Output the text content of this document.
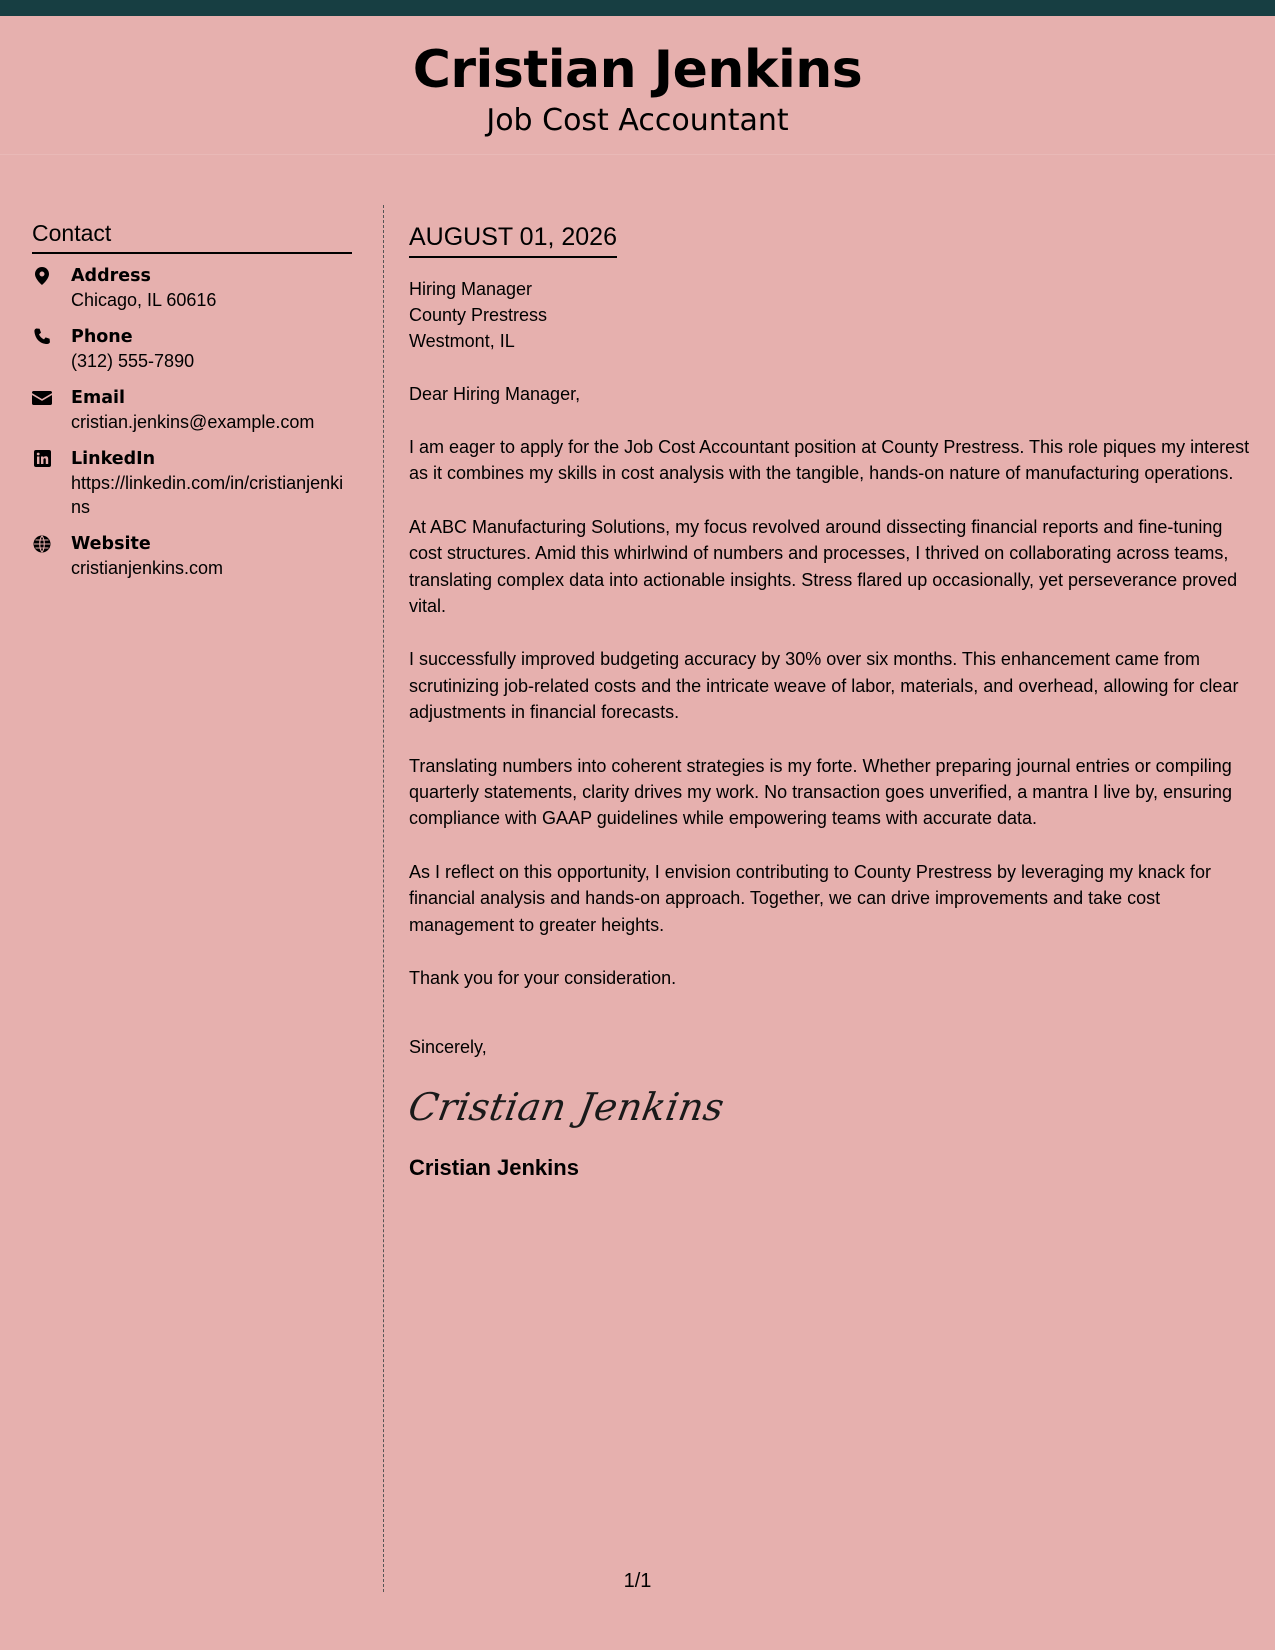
Cristian Jenkins
Job Cost Accountant
Contact
Address
Chicago, IL 60616
Phone
(312) 555-7890
Email
cristian.jenkins@example.com
LinkedIn
https://linkedin.com/in/cristianjenkins
Website
cristianjenkins.com
AUGUST 01, 2026
Hiring Manager
County Prestress
Westmont, IL
Dear Hiring Manager,

I am eager to apply for the Job Cost Accountant position at County Prestress. This role piques my interest as it combines my skills in cost analysis with the tangible, hands-on nature of manufacturing operations.

At ABC Manufacturing Solutions, my focus revolved around dissecting financial reports and fine-tuning cost structures. Amid this whirlwind of numbers and processes, I thrived on collaborating across teams, translating complex data into actionable insights. Stress flared up occasionally, yet perseverance proved vital.

I successfully improved budgeting accuracy by 30% over six months. This enhancement came from scrutinizing job-related costs and the intricate weave of labor, materials, and overhead, allowing for clear adjustments in financial forecasts.

Translating numbers into coherent strategies is my forte. Whether preparing journal entries or compiling quarterly statements, clarity drives my work. No transaction goes unverified, a mantra I live by, ensuring compliance with GAAP guidelines while empowering teams with accurate data.

As I reflect on this opportunity, I envision contributing to County Prestress by leveraging my knack for financial analysis and hands-on approach. Together, we can drive improvements and take cost management to greater heights.

Thank you for your consideration.
Sincerely,
Cristian Jenkins
Cristian Jenkins
1/1
